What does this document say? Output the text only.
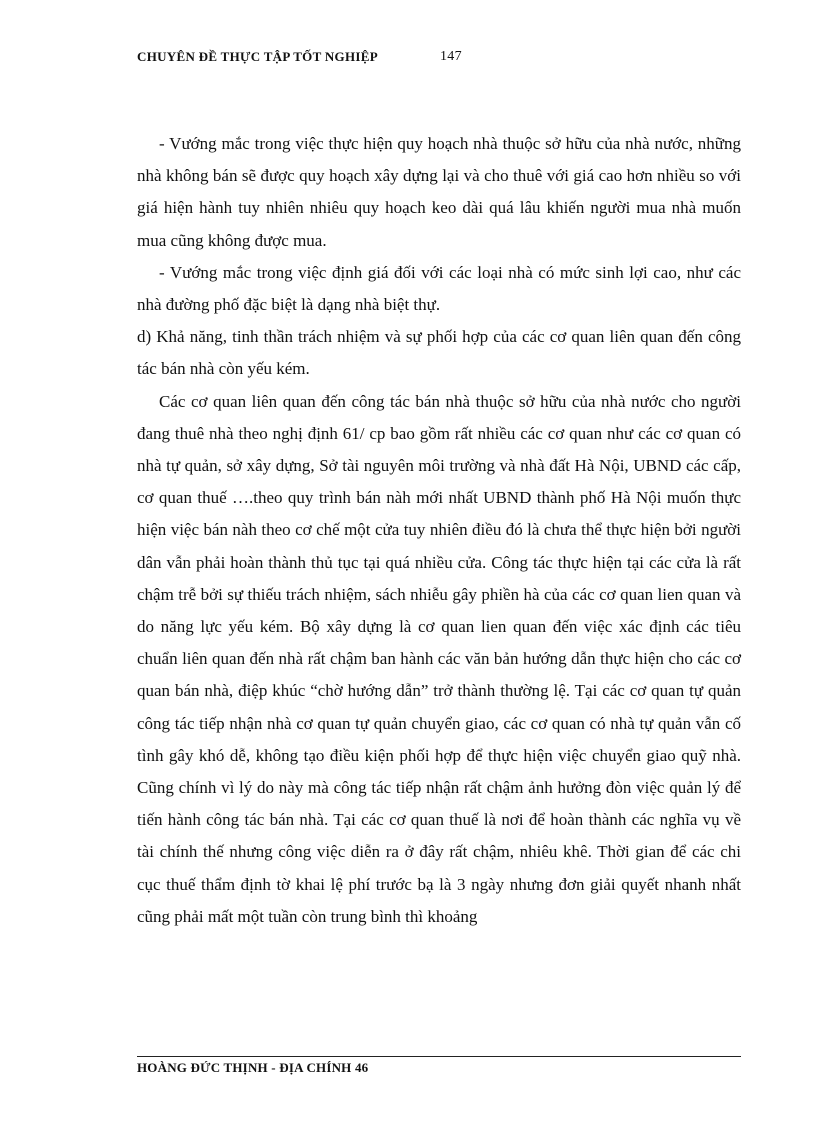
CHUYÊN ĐỀ THỰC TẬP TỐT NGHIỆP	147

- Vướng mắc trong việc thực hiện quy hoạch nhà thuộc sở hữu của nhà nước, những nhà không bán sẽ được quy hoạch xây dựng lại và cho thuê với giá cao hơn nhiều so với giá hiện hành tuy nhiên nhiêu quy hoạch keo dài quá lâu khiến người mua nhà muốn mua cũng không được mua.

- Vướng mắc trong việc định giá đối với các loại nhà có mức sinh lợi cao, như các nhà đường phố đặc biệt là dạng nhà biệt thự.

d) Khả năng, tinh thần trách nhiệm và sự phối hợp của các cơ quan liên quan đến công tác bán nhà còn yếu kém.

Các cơ quan liên quan đến công tác bán nhà thuộc sở hữu của nhà nước cho người đang thuê nhà theo nghị định 61/ cp bao gồm rất nhiều các cơ quan như các cơ quan có nhà tự quản, sở xây dựng, Sở tài nguyên môi trường và nhà đất Hà Nội, UBND các cấp, cơ quan thuế ….theo quy trình bán nàh mới nhất UBND thành phố Hà Nội muốn thực hiện việc bán nàh theo cơ chế một cửa tuy nhiên điều đó là chưa thể thực hiện bởi người dân vẫn phải hoàn thành thủ tục tại quá nhiều cửa. Công tác thực hiện tại các cửa là rất chậm trễ bởi sự thiếu trách nhiệm, sách nhiễu gây phiền hà của các cơ quan lien quan và do năng lực yếu kém. Bộ xây dựng là cơ quan lien quan đến việc xác định các tiêu chuẩn liên quan đến nhà rất chậm ban hành các văn bản hướng dẫn thực hiện cho các cơ quan bán nhà, điệp khúc “chờ hướng dẫn” trở thành thường lệ. Tại các cơ quan tự quản công tác tiếp nhận nhà cơ quan tự quản chuyển giao, các cơ quan có nhà tự quản vẫn cố tình gây khó dễ, không tạo điều kiện phối hợp để thực hiện việc chuyển giao quỹ nhà. Cũng chính vì lý do này mà công tác tiếp nhận rất chậm ảnh hưởng đòn việc quản lý để tiến hành công tác bán nhà. Tại các cơ quan thuế là nơi để hoàn thành các nghĩa vụ về tài chính thế nhưng công việc diễn ra ở đây rất chậm, nhiêu khê. Thời gian để các chi cục thuế thẩm định tờ khai lệ phí trước bạ là 3 ngày nhưng đơn giải quyết nhanh nhất cũng phải mất một tuần còn trung bình thì khoảng

HOÀNG ĐỨC THỊNH - ĐỊA CHÍNH 46
